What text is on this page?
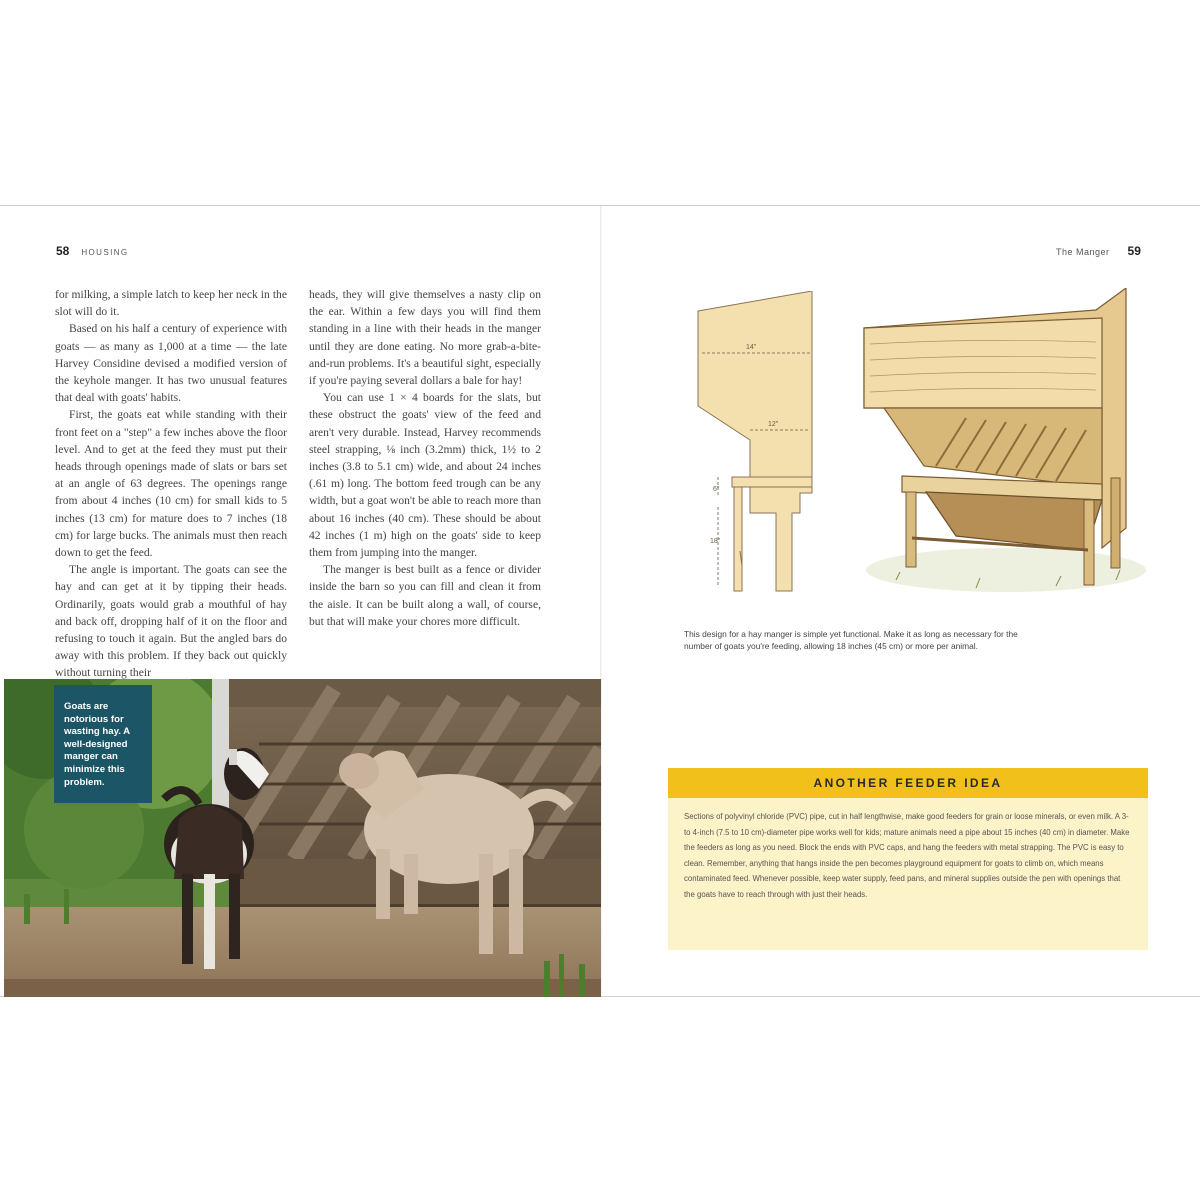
58 HOUSING

for milking, a simple latch to keep her neck in the slot will do it.

Based on his half a century of experience with goats — as many as 1,000 at a time — the late Harvey Considine devised a modified version of the keyhole manger. It has two unusual features that deal with goats' habits.

First, the goats eat while standing with their front feet on a "step" a few inches above the floor level. And to get at the feed they must put their heads through openings made of slats or bars set at an angle of 63 degrees. The openings range from about 4 inches (10 cm) for small kids to 5 inches (13 cm) for mature does to 7 inches (18 cm) for large bucks. The animals must then reach down to get the feed.

The angle is important. The goats can see the hay and can get at it by tipping their heads. Ordinarily, goats would grab a mouthful of hay and back off, dropping half of it on the floor and refusing to touch it again. But the angled bars do away with this problem. If they back out quickly without turning their

heads, they will give themselves a nasty clip on the ear. Within a few days you will find them standing in a line with their heads in the manger until they are done eating. No more grab-a-bite-and-run problems. It's a beautiful sight, especially if you're paying several dollars a bale for hay!

You can use 1 × 4 boards for the slats, but these obstruct the goats' view of the feed and aren't very durable. Instead, Harvey recommends steel strapping, ⅛ inch (3.2mm) thick, 1½ to 2 inches (3.8 to 5.1 cm) wide, and about 24 inches (.61 m) long. The bottom feed trough can be any width, but a goat won't be able to reach more than about 16 inches (40 cm). These should be about 42 inches (1 m) high on the goats' side to keep them from jumping into the manger.

The manger is best built as a fence or divider inside the barn so you can fill and clean it from the aisle. It can be built along a wall, of course, but that will make your chores more difficult.

Goats are notorious for wasting hay. A well-designed manger can minimize this problem.
The Manger 59
14"
12"
6"
18"
This design for a hay manger is simple yet functional. Make it as long as necessary for the number of goats you're feeding, allowing 18 inches (45 cm) or more per animal.
ANOTHER FEEDER IDEA
Sections of polyvinyl chloride (PVC) pipe, cut in half lengthwise, make good feeders for grain or loose minerals, or even milk. A 3- to 4-inch (7.5 to 10 cm)-diameter pipe works well for kids; mature animals need a pipe about 15 inches (40 cm) in diameter. Make the feeders as long as you need. Block the ends with PVC caps, and hang the feeders with metal strapping. The PVC is easy to clean. Remember, anything that hangs inside the pen becomes playground equipment for goats to climb on, which means contaminated feed. Whenever possible, keep water supply, feed pans, and mineral supplies outside the pen with openings that the goats have to reach through with just their heads.
